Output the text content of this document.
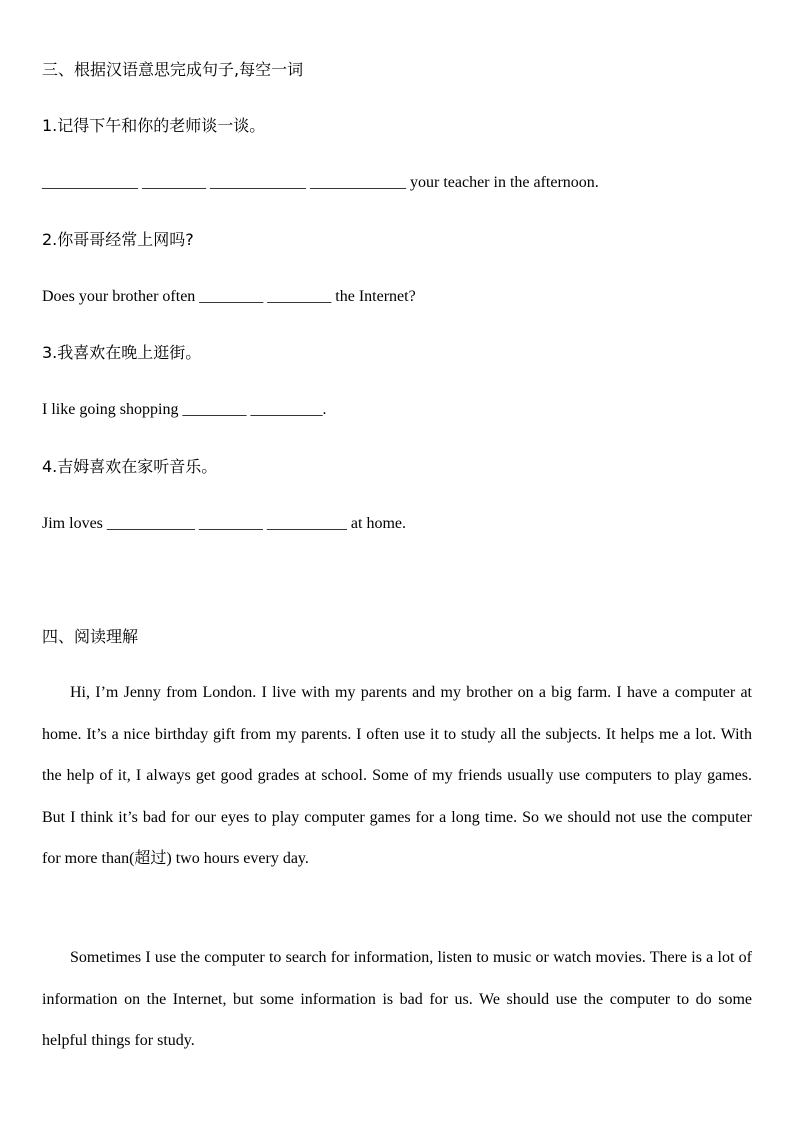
三、根据汉语意思完成句子,每空一词
1.记得下午和你的老师谈一谈。
____________ ________ ____________ ____________ your teacher in the afternoon.
2.你哥哥经常上网吗?
Does your brother often ________ ________ the Internet?
3.我喜欢在晚上逛街。
I like going shopping ________ _________.
4.吉姆喜欢在家听音乐。
Jim loves ___________ ________ __________ at home.
四、阅读理解

Hi, I’m Jenny from London. I live with my parents and my brother on a big farm. I have a computer at home. It’s a nice birthday gift from my parents. I often use it to study all the subjects. It helps me a lot. With the help of it, I always get good grades at school. Some of my friends usually use computers to play games. But I think it’s bad for our eyes to play computer games for a long time. So we should not use the computer for more than(超过) two hours every day.

Sometimes I use the computer to search for information, listen to music or watch movies. There is a lot of information on the Internet, but some information is bad for us. We should use the computer to do some helpful things for study.
